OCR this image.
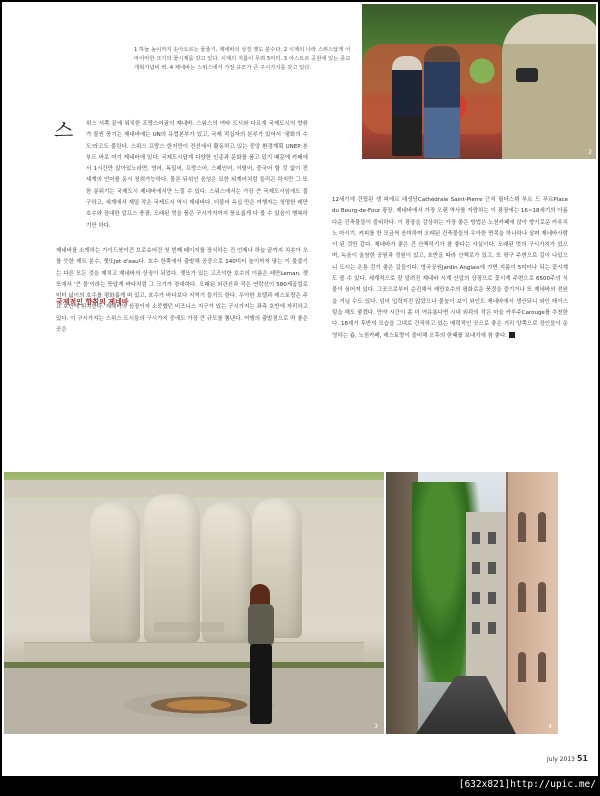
1 하늘 높이까지 솟아오르는 물줄기, 제네바의 상징 젯도 분수다. 2 시계의 나라 스위스답게 어마어마한 크기의 꽃시계를 갖고 있다. 시계의 지름이 무려 5미터. 3 아스트르 공원에 있는 종교개혁기념비 벽. 4 제네바는 스위스에서 가장 규모가 큰 구시가지를 갖고 있다.
2
스	위스 서쪽 끝에 위치한 프랑스어권의 제네바. 스위스의 여타 도시와 다르게 국제도시의 향취가 물씬 풍기는 제네바에는 UN의 유럽본부가 있고, 국제 적십자의 본부가 있어서 '평화의 수도'라고도 불린다. 스위스 프랑스 한지만이 전선에서 활동하고 있는 중앙 환경계획 UNEP 본부도 바로 여기 제네바에 있다. 국제도시답게 다양한 인종과 문화를 품고 있기 때문에 카페에서 1시간만 앉아있노라면, 영어, 독일어, 프랑스어, 스페인어, 이탈어, 중국어 할 것 없이 전 세계의 언어를 동시 청취가능하다. 물론 뒤섞인 음성은 묘한 외계어처럼 들리곤 하지만 그 또한 분위기는 국제도시 제네바에서만 느낄 수 있다. 스위스에서는 가장 큰 국제도시임에도 불구하고, 세계에서 제일 작은 국제도시 역시 제네바다. 더불어 옥십 만은 여행자는 청명한 레만호수와 장대한 알프스 풍광, 오래된 멋을 품은 구시가지까지 풍요롭게 다 볼 수 있음이 행복하기만 하다.

제네바를 소개하는 가이드북이건 브로슈어건 첫 번째 페이지를 장식하는 건 언제나 하늘 끝까지 치솟아 오를 듯한 제트 분수, 젯또Jet d'eau다. 호수 한쪽에서 출발해 공중으로 140미터 높이까지 닿는 이 물줄기는 다른 모든 것을 제치고 제네바의 상징이 되었다. 젯또가 있는 고즈넉한 호수의 이름은 레만Leman. 젯또에서 '큰 물'이라는 뜻답게 바다처럼 그 크기가 장대하다. 오래된 외관선과 작은 연락선이 580제곱킬로미터 넓이의 호수를 평화롭게 떠 있고, 호수가 바다보다 지역기 들기도 한다. 우아한 호텔과 레스토랑은 주요 호반에 위치한다. 제네바의 심장이자 소중했던 비즈니스 지구가 있는 구시가지는 좌측 호반에 자리하고 있다. 이 구시가지는 스위스 도시들의 구시가지 중에도 가장 큰 규모를 뽐낸다. 여행의 출발점으로 딱 좋은 곳은

국제적인 향취의 제네바

12세기에 건립된 생 피에르 대성당Cathédrale Saint-Pierre 근처 필더스뷔 부르 드 푸르Place du Bourg-de-Four 광장. 제네바에서 가장 오랜 역사를 자랑하는 이 광장에는 16~18세기의 아름다운 건축물들이 즐비하다. 이 광장을 감상하는 가장 좋은 방법은 노천카페에 앉아 향기로운 카푸치노 마시기. 커피를 한 모금씩 음미하며 오래된 건축물들의 우아한 면목을 하나하나 살펴 제네바사람이 된 것만 같다. 제네바가 좋은 건 산책하기가 참 좋다는 사실이다. 오래된 멋의 구시가지가 있으며, 녹음이 울창한 공원과 정원이 있고, 호반을 따라 산책로가 있고, 또 항구 주변으로 길이 나있으니 도시는 온통 걷기 좋은 길들이다. 영국공원Jardin Anglais에 가면 지름이 5미터나 되는 꽃시계도 볼 수 있다. 세계적으로 잘 알려진 제네바 시계 산업의 상징으로 꽃시계 주변으로 6500주의 식물이 심어져 있다. 그곳으로부터 순진해서 레만호수의 평화로운 풍경을 즐기거나 또 제네바의 전원을 거닐 수도 있다. 넘어 입력지진 않았으나 물놀이 보이 와인도 제네바에서 생산되니 와인 테이스팅을 해도 좋겠다. 만약 시간이 좀 더 여유롭다면 시내 외곽의 작은 마을 카루주Carouge를 추천한다. 18세기 후반의 모습을 그대로 간직하고 있는 매력적인 곳으로 좋은 거리 양쪽으로 장인들이 운영하는 숍, 노천카페, 레스토랑이 즐비해 오후의 한때를 보내기에 참 좋다.

3	4
July 2013 51
[632x821]http://upic.me/
